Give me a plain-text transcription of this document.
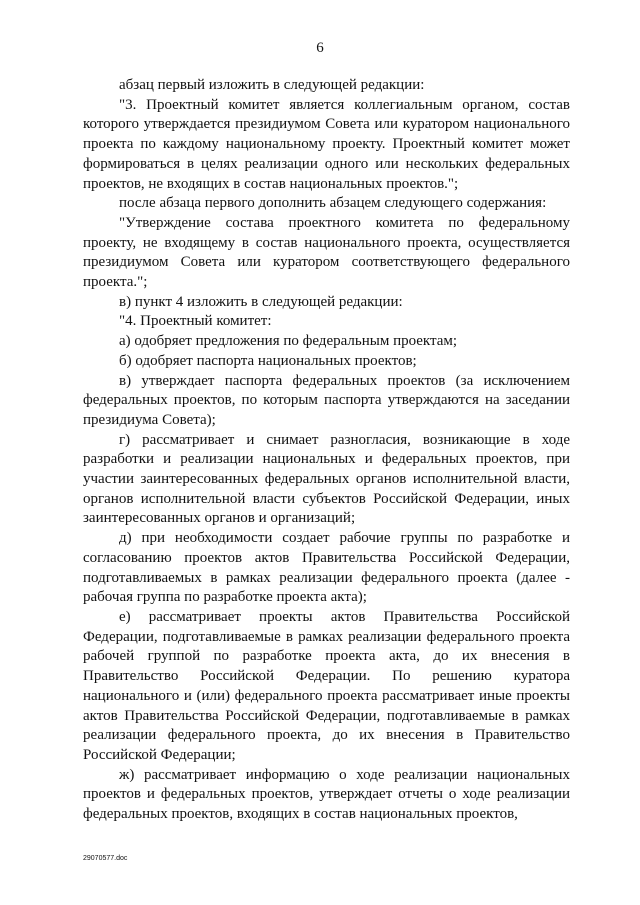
6

абзац первый изложить в следующей редакции:

"3. Проектный комитет является коллегиальным органом, состав которого утверждается президиумом Совета или куратором национального проекта по каждому национальному проекту. Проектный комитет может формироваться в целях реализации одного или нескольких федеральных проектов, не входящих в состав национальных проектов.";

после абзаца первого дополнить абзацем следующего содержания:

"Утверждение состава проектного комитета по федеральному проекту, не входящему в состав национального проекта, осуществляется президиумом Совета или куратором соответствующего федерального проекта.";

в) пункт 4 изложить в следующей редакции:

"4. Проектный комитет:

а) одобряет предложения по федеральным проектам;

б) одобряет паспорта национальных проектов;

в) утверждает паспорта федеральных проектов (за исключением федеральных проектов, по которым паспорта утверждаются на заседании президиума Совета);

г) рассматривает и снимает разногласия, возникающие в ходе разработки и реализации национальных и федеральных проектов, при участии заинтересованных федеральных органов исполнительной власти, органов исполнительной власти субъектов Российской Федерации, иных заинтересованных органов и организаций;

д) при необходимости создает рабочие группы по разработке и согласованию проектов актов Правительства Российской Федерации, подготавливаемых в рамках реализации федерального проекта (далее - рабочая группа по разработке проекта акта);

е) рассматривает проекты актов Правительства Российской Федерации, подготавливаемые в рамках реализации федерального проекта рабочей группой по разработке проекта акта, до их внесения в Правительство Российской Федерации. По решению куратора национального и (или) федерального проекта рассматривает иные проекты актов Правительства Российской Федерации, подготавливаемые в рамках реализации федерального проекта, до их внесения в Правительство Российской Федерации;

ж) рассматривает информацию о ходе реализации национальных проектов и федеральных проектов, утверждает отчеты о ходе реализации федеральных проектов, входящих в состав национальных проектов,

29070577.doc
